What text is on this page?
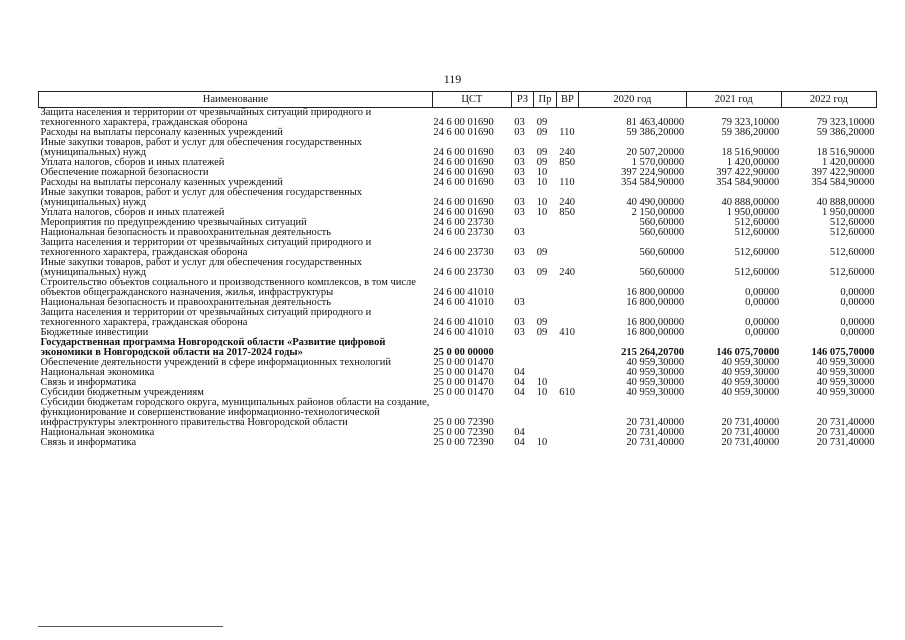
119
Наименование	ЦСТ	РЗ	Пр	ВР	2020 год	2021 год	2022 год
Защита населения и территории от чрезвычайных ситуаций природного и техногенного характера, гражданская оборона	24 6 00 01690	03	09		81 463,40000	79 323,10000	79 323,10000
Расходы на выплаты персоналу казенных учреждений	24 6 00 01690	03	09	110	59 386,20000	59 386,20000	59 386,20000
Иные закупки товаров, работ и услуг для обеспечения государственных (муниципальных) нужд	24 6 00 01690	03	09	240	20 507,20000	18 516,90000	18 516,90000
Уплата налогов, сборов и иных платежей	24 6 00 01690	03	09	850	1 570,00000	1 420,00000	1 420,00000
Обеспечение пожарной безопасности	24 6 00 01690	03	10		397 224,90000	397 422,90000	397 422,90000
Расходы на выплаты персоналу казенных учреждений	24 6 00 01690	03	10	110	354 584,90000	354 584,90000	354 584,90000
Иные закупки товаров, работ и услуг для обеспечения государственных (муниципальных) нужд	24 6 00 01690	03	10	240	40 490,00000	40 888,00000	40 888,00000
Уплата налогов, сборов и иных платежей	24 6 00 01690	03	10	850	2 150,00000	1 950,00000	1 950,00000
Мероприятия по предупреждению чрезвычайных ситуаций	24 6 00 23730				560,60000	512,60000	512,60000
Национальная безопасность и правоохранительная деятельность	24 6 00 23730	03			560,60000	512,60000	512,60000
Защита населения и территории от чрезвычайных ситуаций природного и техногенного характера, гражданская оборона	24 6 00 23730	03	09		560,60000	512,60000	512,60000
Иные закупки товаров, работ и услуг для обеспечения государственных (муниципальных) нужд	24 6 00 23730	03	09	240	560,60000	512,60000	512,60000
Строительство объектов социального и производственного комплексов, в том числе объектов общегражданского назначения, жилья, инфраструктуры	24 6 00 41010				16 800,00000	0,00000	0,00000
Национальная безопасность и правоохранительная деятельность	24 6 00 41010	03			16 800,00000	0,00000	0,00000
Защита населения и территории от чрезвычайных ситуаций природного и техногенного характера, гражданская оборона	24 6 00 41010	03	09		16 800,00000	0,00000	0,00000
Бюджетные инвестиции	24 6 00 41010	03	09	410	16 800,00000	0,00000	0,00000
Государственная программа Новгородской области «Развитие цифровой экономики в Новгородской области на 2017-2024 годы»	25 0 00 00000				215 264,20700	146 075,70000	146 075,70000
Обеспечение деятельности учреждений в сфере информационных технологий	25 0 00 01470				40 959,30000	40 959,30000	40 959,30000
Национальная экономика	25 0 00 01470	04			40 959,30000	40 959,30000	40 959,30000
Связь и информатика	25 0 00 01470	04	10		40 959,30000	40 959,30000	40 959,30000
Субсидии бюджетным учреждениям	25 0 00 01470	04	10	610	40 959,30000	40 959,30000	40 959,30000
Субсидии бюджетам городского округа, муниципальных районов области на создание, функционирование и совершенствование информационно-технологической инфраструктуры электронного правительства Новгородской области	25 0 00 72390				20 731,40000	20 731,40000	20 731,40000
Национальная экономика	25 0 00 72390	04			20 731,40000	20 731,40000	20 731,40000
Связь и информатика	25 0 00 72390	04	10		20 731,40000	20 731,40000	20 731,40000
